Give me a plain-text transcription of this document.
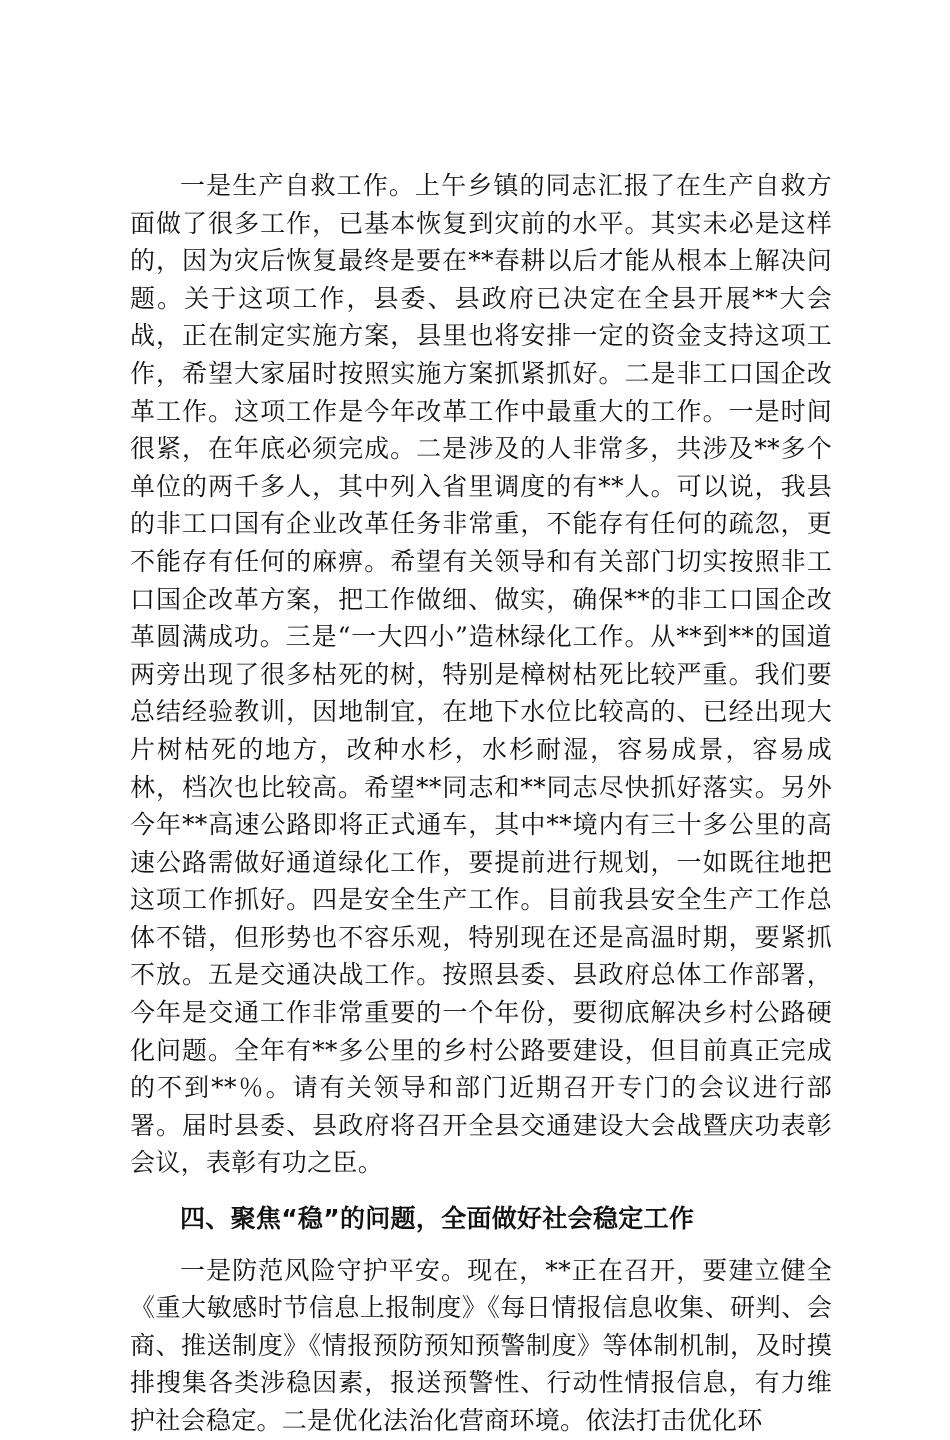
一是生产自救工作。上午乡镇的同志汇报了在生产自救方面做了很多工作，已基本恢复到灾前的水平。其实未必是这样的，因为灾后恢复最终是要在**春耕以后才能从根本上解决问题。关于这项工作，县委、县政府已决定在全县开展**大会战，正在制定实施方案，县里也将安排一定的资金支持这项工作，希望大家届时按照实施方案抓紧抓好。二是非工口国企改革工作。这项工作是今年改革工作中最重大的工作。一是时间很紧，在年底必须完成。二是涉及的人非常多，共涉及**多个单位的两千多人，其中列入省里调度的有**人。可以说，我县的非工口国有企业改革任务非常重，不能存有任何的疏忽，更不能存有任何的麻痹。希望有关领导和有关部门切实按照非工口国企改革方案，把工作做细、做实，确保**的非工口国企改革圆满成功。三是“一大四小”造林绿化工作。从**到**的国道两旁出现了很多枯死的树，特别是樟树枯死比较严重。我们要总结经验教训，因地制宜，在地下水位比较高的、已经出现大片树枯死的地方，改种水杉，水杉耐湿，容易成景，容易成林，档次也比较高。希望**同志和**同志尽快抓好落实。另外今年**高速公路即将正式通车，其中**境内有三十多公里的高速公路需做好通道绿化工作，要提前进行规划，一如既往地把这项工作抓好。四是安全生产工作。目前我县安全生产工作总体不错，但形势也不容乐观，特别现在还是高温时期，要紧抓不放。五是交通决战工作。按照县委、县政府总体工作部署，今年是交通工作非常重要的一个年份，要彻底解决乡村公路硬化问题。全年有**多公里的乡村公路要建设，但目前真正完成的不到**％。请有关领导和部门近期召开专门的会议进行部署。届时县委、县政府将召开全县交通建设大会战暨庆功表彰会议，表彰有功之臣。

四、聚焦“稳”的问题，全面做好社会稳定工作

一是防范风险守护平安。现在，**正在召开，要建立健全《重大敏感时节信息上报制度》《每日情报信息收集、研判、会商、推送制度》《情报预防预知预警制度》等体制机制，及时摸排搜集各类涉稳因素，报送预警性、行动性情报信息，有力维护社会稳定。二是优化法治化营商环境。依法打击优化环
